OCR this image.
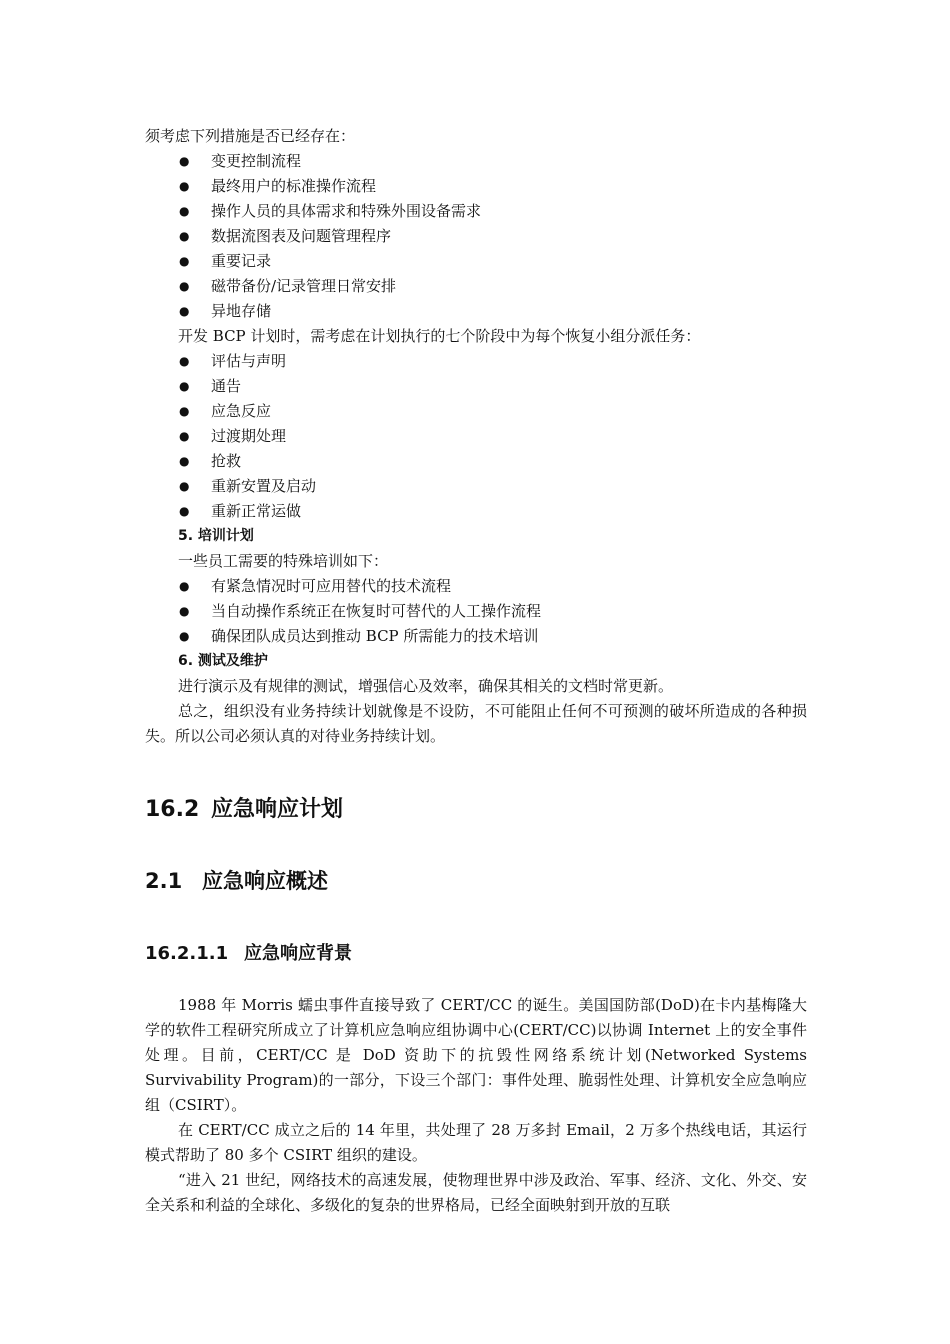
须考虑下列措施是否已经存在：
● 变更控制流程
● 最终用户的标准操作流程
● 操作人员的具体需求和特殊外围设备需求
● 数据流图表及问题管理程序
● 重要记录
● 磁带备份/记录管理日常安排
● 异地存储
开发 BCP 计划时，需考虑在计划执行的七个阶段中为每个恢复小组分派任务：
● 评估与声明
● 通告
● 应急反应
● 过渡期处理
● 抢救
● 重新安置及启动
● 重新正常运做
5. 培训计划
一些员工需要的特殊培训如下：
● 有紧急情况时可应用替代的技术流程
● 当自动操作系统正在恢复时可替代的人工操作流程
● 确保团队成员达到推动 BCP 所需能力的技术培训
6. 测试及维护
进行演示及有规律的测试，增强信心及效率，确保其相关的文档时常更新。

总之，组织没有业务持续计划就像是不设防，不可能阻止任何不可预测的破坏所造成的各种损失。所以公司必须认真的对待业务持续计划。

16.2 应急响应计划
2.1 应急响应概述
16.2.1.1 应急响应背景

1988 年 Morris 蠕虫事件直接导致了 CERT/CC 的诞生。美国国防部(DoD)在卡内基梅隆大学的软件工程研究所成立了计算机应急响应组协调中心(CERT/CC)以协调 Internet 上的安全事件处理。目前，CERT/CC 是 DoD 资助下的抗毁性网络系统计划(Networked Systems Survivability Program)的一部分，下设三个部门：事件处理、脆弱性处理、计算机安全应急响应组（CSIRT）。

在 CERT/CC 成立之后的 14 年里，共处理了 28 万多封 Email，2 万多个热线电话，其运行模式帮助了 80 多个 CSIRT 组织的建设。

“进入 21 世纪，网络技术的高速发展，使物理世界中涉及政治、军事、经济、文化、外交、安全关系和利益的全球化、多级化的复杂的世界格局，已经全面映射到开放的互联
